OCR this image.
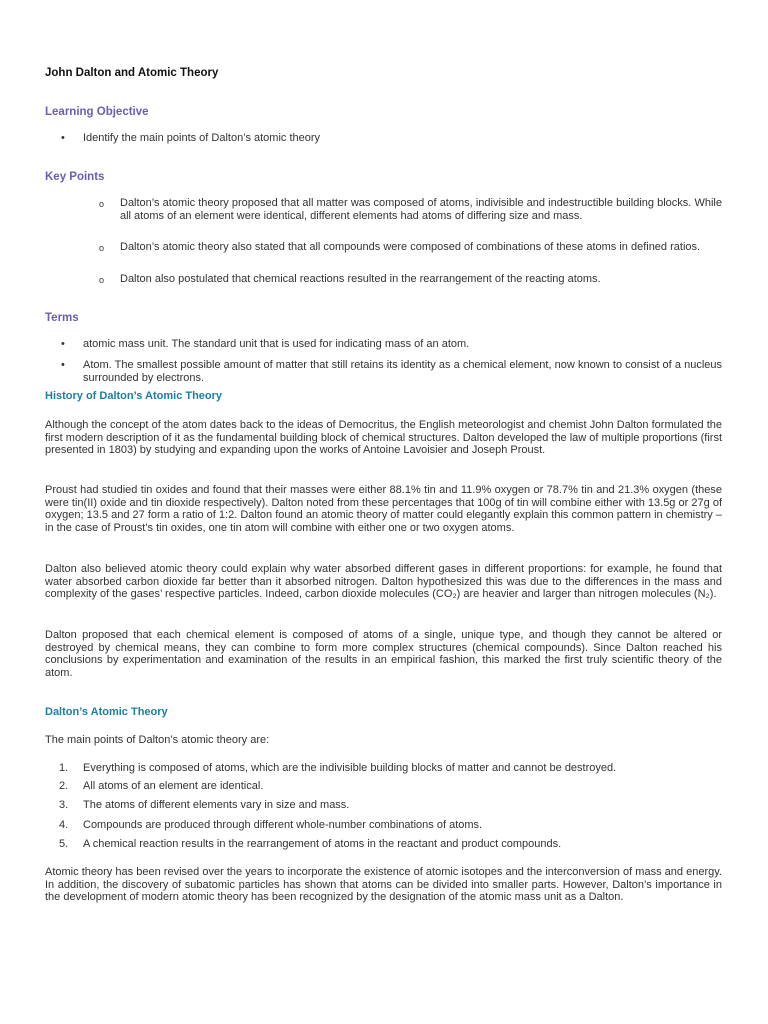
John Dalton and Atomic Theory
Learning Objective
• Identify the main points of Dalton’s atomic theory

Key Points
o Dalton’s atomic theory proposed that all matter was composed of atoms, indivisible and indestructible building blocks. While all atoms of an element were identical, different elements had atoms of differing size and mass.

o Dalton’s atomic theory also stated that all compounds were composed of combinations of these atoms in defined ratios.

o Dalton also postulated that chemical reactions resulted in the rearrangement of the reacting atoms.

Terms
• atomic mass unit. The standard unit that is used for indicating mass of an atom.

• Atom. The smallest possible amount of matter that still retains its identity as a chemical element, now known to consist of a nucleus surrounded by electrons.

History of Dalton’s Atomic Theory

Although the concept of the atom dates back to the ideas of Democritus, the English meteorologist and chemist John Dalton formulated the first modern description of it as the fundamental building block of chemical structures. Dalton developed the law of multiple proportions (first presented in 1803) by studying and expanding upon the works of Antoine Lavoisier and Joseph Proust.

Proust had studied tin oxides and found that their masses were either 88.1% tin and 11.9% oxygen or 78.7% tin and 21.3% oxygen (these were tin(II) oxide and tin dioxide respectively). Dalton noted from these percentages that 100g of tin will combine either with 13.5g or 27g of oxygen; 13.5 and 27 form a ratio of 1:2. Dalton found an atomic theory of matter could elegantly explain this common pattern in chemistry – in the case of Proust’s tin oxides, one tin atom will combine with either one or two oxygen atoms.

Dalton also believed atomic theory could explain why water absorbed different gases in different proportions: for example, he found that water absorbed carbon dioxide far better than it absorbed nitrogen. Dalton hypothesized this was due to the differences in the mass and complexity of the gases’ respective particles. Indeed, carbon dioxide molecules (CO₂) are heavier and larger than nitrogen molecules (N₂).

Dalton proposed that each chemical element is composed of atoms of a single, unique type, and though they cannot be altered or destroyed by chemical means, they can combine to form more complex structures (chemical compounds). Since Dalton reached his conclusions by experimentation and examination of the results in an empirical fashion, this marked the first truly scientific theory of the atom.

Dalton’s Atomic Theory

The main points of Dalton’s atomic theory are:

1. Everything is composed of atoms, which are the indivisible building blocks of matter and cannot be destroyed.

2. All atoms of an element are identical.

3. The atoms of different elements vary in size and mass.

4. Compounds are produced through different whole-number combinations of atoms.

5. A chemical reaction results in the rearrangement of atoms in the reactant and product compounds.

Atomic theory has been revised over the years to incorporate the existence of atomic isotopes and the interconversion of mass and energy. In addition, the discovery of subatomic particles has shown that atoms can be divided into smaller parts. However, Dalton’s importance in the development of modern atomic theory has been recognized by the designation of the atomic mass unit as a Dalton.
